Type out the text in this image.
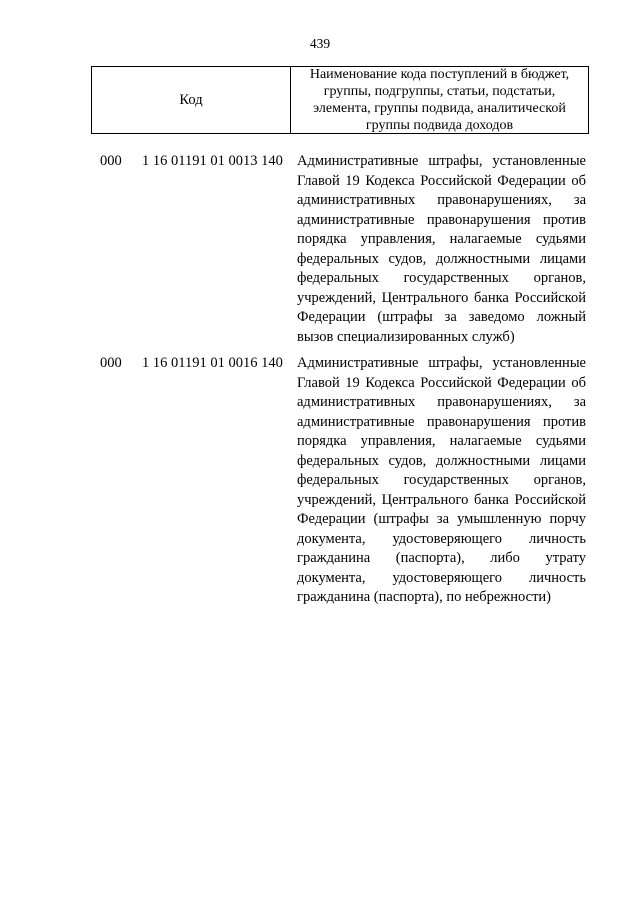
439
Код
Наименование кода поступлений в бюджет,
группы, подгруппы, статьи, подстатьи,
элемента, группы подвида, аналитической
группы подвида доходов
000 1 16 01191 01 0013 140 Административные штрафы, установленные
Главой 19 Кодекса Российской Федерации об
административных правонарушениях, за
административные правонарушения против
порядка управления, налагаемые судьями
федеральных судов, должностными лицами
федеральных государственных органов,
учреждений, Центрального банка Российской
Федерации (штрафы за заведомо ложный
вызов специализированных служб)
000 1 16 01191 01 0016 140 Административные штрафы, установленные
Главой 19 Кодекса Российской Федерации об
административных правонарушениях, за
административные правонарушения против
порядка управления, налагаемые судьями
федеральных судов, должностными лицами
федеральных государственных органов,
учреждений, Центрального банка Российской
Федерации (штрафы за умышленную порчу
документа, удостоверяющего личность
гражданина (паспорта), либо утрату
документа, удостоверяющего личность
гражданина (паспорта), по небрежности)
